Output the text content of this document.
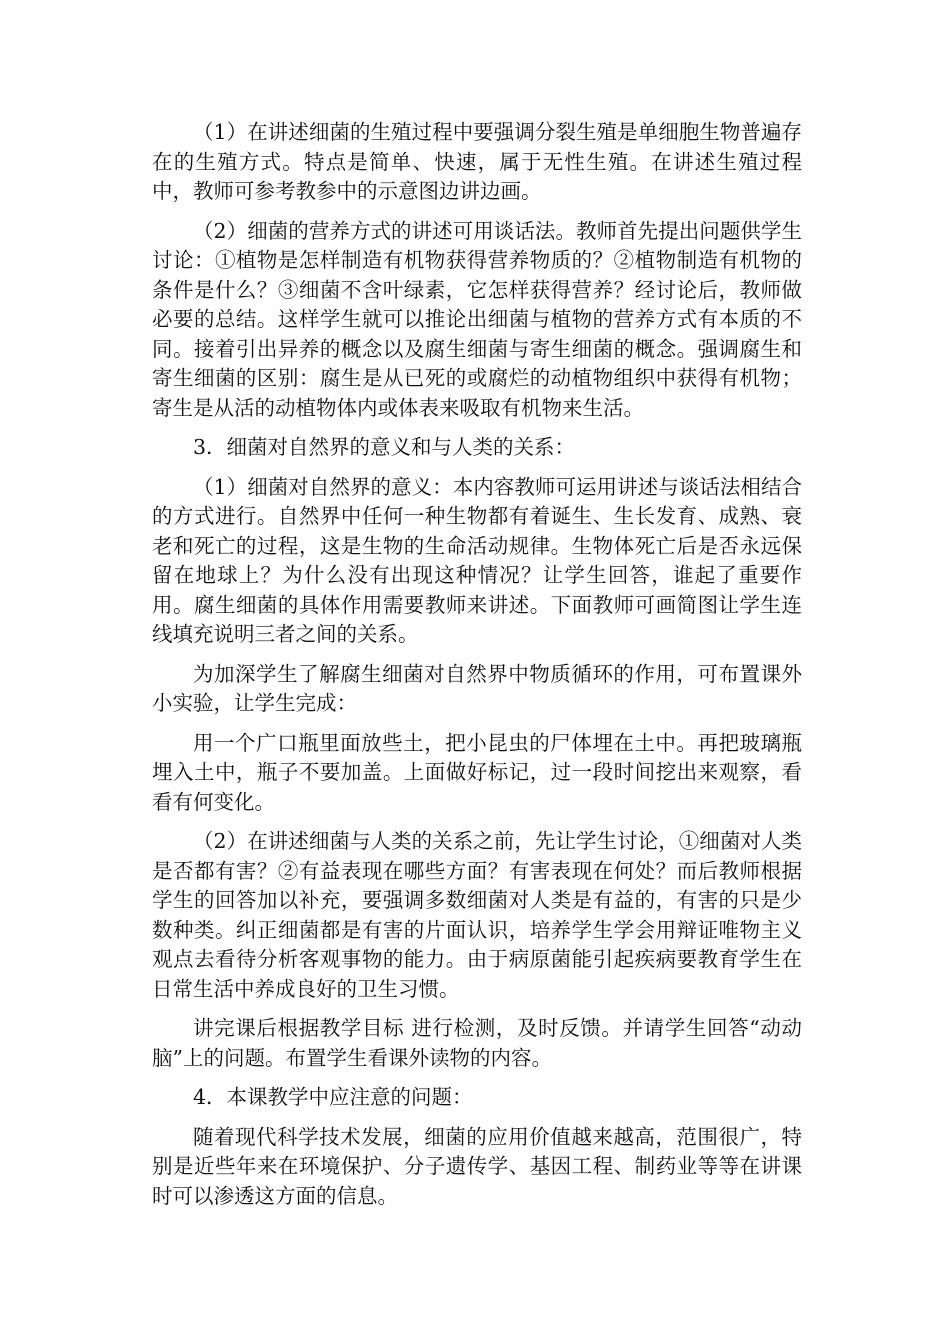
（1）在讲述细菌的生殖过程中要强调分裂生殖是单细胞生物普遍存在的生殖方式。特点是简单、快速，属于无性生殖。在讲述生殖过程中，教师可参考教参中的示意图边讲边画。

（2）细菌的营养方式的讲述可用谈话法。教师首先提出问题供学生讨论：①植物是怎样制造有机物获得营养物质的？②植物制造有机物的条件是什么？③细菌不含叶绿素，它怎样获得营养？经讨论后，教师做必要的总结。这样学生就可以推论出细菌与植物的营养方式有本质的不同。接着引出异养的概念以及腐生细菌与寄生细菌的概念。强调腐生和寄生细菌的区别：腐生是从已死的或腐烂的动植物组织中获得有机物；寄生是从活的动植物体内或体表来吸取有机物来生活。

3．细菌对自然界的意义和与人类的关系：

（1）细菌对自然界的意义：本内容教师可运用讲述与谈话法相结合的方式进行。自然界中任何一种生物都有着诞生、生长发育、成熟、衰老和死亡的过程，这是生物的生命活动规律。生物体死亡后是否永远保留在地球上？为什么没有出现这种情况？让学生回答，谁起了重要作用。腐生细菌的具体作用需要教师来讲述。下面教师可画简图让学生连线填充说明三者之间的关系。

为加深学生了解腐生细菌对自然界中物质循环的作用，可布置课外小实验，让学生完成：

用一个广口瓶里面放些土，把小昆虫的尸体埋在土中。再把玻璃瓶埋入土中，瓶子不要加盖。上面做好标记，过一段时间挖出来观察，看看有何变化。

（2）在讲述细菌与人类的关系之前，先让学生讨论，①细菌对人类是否都有害？②有益表现在哪些方面？有害表现在何处？而后教师根据学生的回答加以补充，要强调多数细菌对人类是有益的，有害的只是少数种类。纠正细菌都是有害的片面认识，培养学生学会用辩证唯物主义观点去看待分析客观事物的能力。由于病原菌能引起疾病要教育学生在日常生活中养成良好的卫生习惯。

讲完课后根据教学目标 进行检测，及时反馈。并请学生回答“动动脑”上的问题。布置学生看课外读物的内容。

4．本课教学中应注意的问题：

随着现代科学技术发展，细菌的应用价值越来越高，范围很广，特别是近些年来在环境保护、分子遗传学、基因工程、制药业等等在讲课时可以渗透这方面的信息。
